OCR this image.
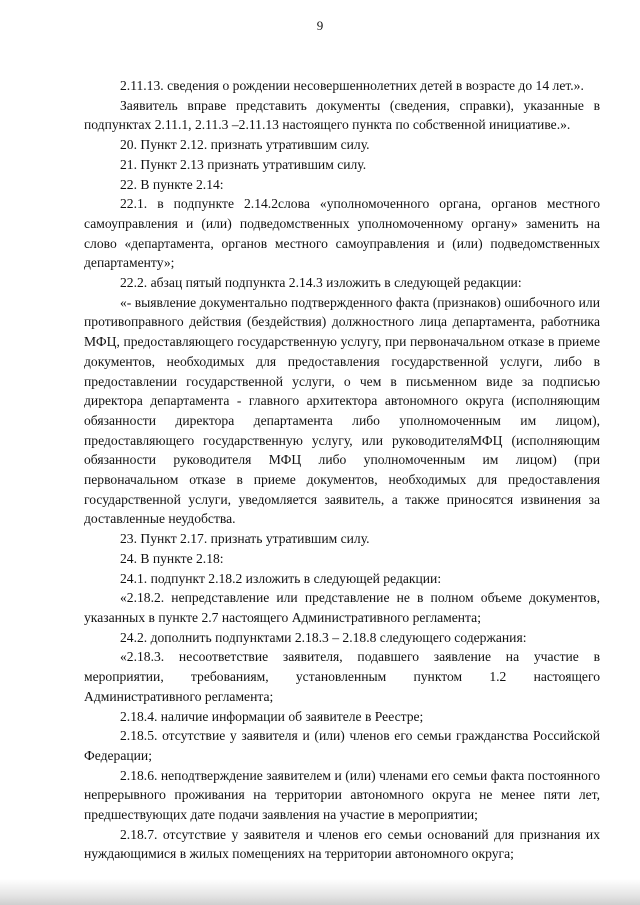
9

2.11.13. сведения о рождении несовершеннолетних детей в возрасте до 14 лет.».

Заявитель вправе представить документы (сведения, справки), указанные в подпунктах 2.11.1, 2.11.3 –2.11.13 настоящего пункта по собственной инициативе.».

20. Пункт 2.12. признать утратившим силу.

21. Пункт 2.13 признать утратившим силу.

22. В пункте 2.14:

22.1. в подпункте 2.14.2слова «уполномоченного органа, органов местного самоуправления и (или) подведомственных уполномоченному органу» заменить на слово «департамента, органов местного самоуправления и (или) подведомственных департаменту»;

22.2. абзац пятый подпункта 2.14.3 изложить в следующей редакции:

«- выявление документально подтвержденного факта (признаков) ошибочного или противоправного действия (бездействия) должностного лица департамента, работника МФЦ, предоставляющего государственную услугу, при первоначальном отказе в приеме документов, необходимых для предоставления государственной услуги, либо в предоставлении государственной услуги, о чем в письменном виде за подписью директора департамента - главного архитектора автономного округа (исполняющим обязанности директора департамента либо уполномоченным им лицом), предоставляющего государственную услугу, или руководителяМФЦ (исполняющим обязанности руководителя МФЦ либо уполномоченным им лицом) (при первоначальном отказе в приеме документов, необходимых для предоставления государственной услуги, уведомляется заявитель, а также приносятся извинения за доставленные неудобства.

23. Пункт 2.17. признать утратившим силу.

24. В пункте 2.18:

24.1. подпункт 2.18.2 изложить в следующей редакции:

«2.18.2. непредставление или представление не в полном объеме документов, указанных в пункте 2.7 настоящего Административного регламента;

24.2. дополнить подпунктами 2.18.3 – 2.18.8 следующего содержания:

«2.18.3. несоответствие заявителя, подавшего заявление на участие в мероприятии, требованиям, установленным пунктом 1.2 настоящего Административного регламента;

2.18.4. наличие информации об заявителе в Реестре;

2.18.5. отсутствие у заявителя и (или) членов его семьи гражданства Российской Федерации;

2.18.6. неподтверждение заявителем и (или) членами его семьи факта постоянного непрерывного проживания на территории автономного округа не менее пяти лет, предшествующих дате подачи заявления на участие в мероприятии;

2.18.7. отсутствие у заявителя и членов его семьи оснований для признания их нуждающимися в жилых помещениях на территории автономного округа;
